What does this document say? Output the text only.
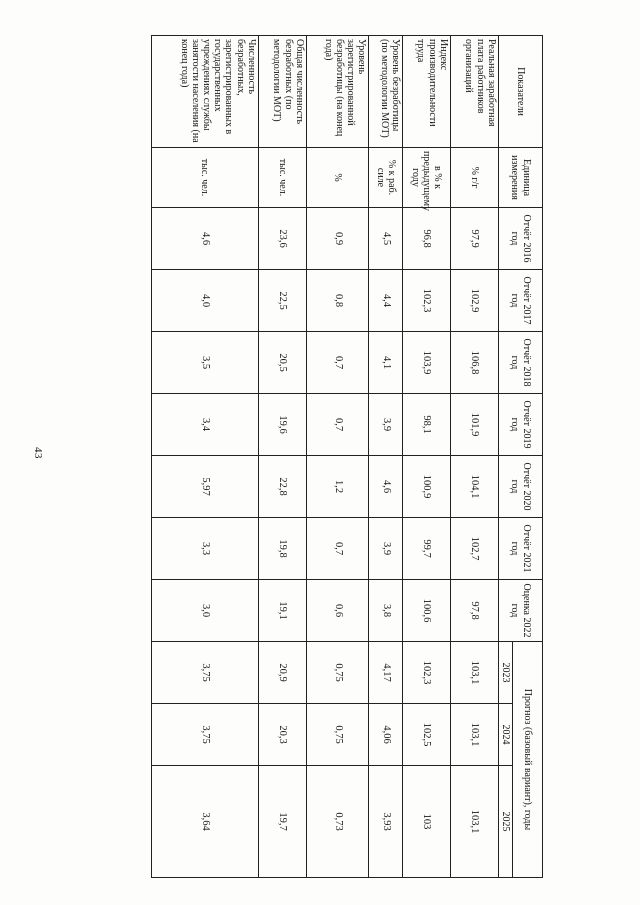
43
Показатели	Единица измерения	Отчёт 2016 год	Отчёт 2017 год	Отчёт 2018 год	Отчёт 2019 год	Отчёт 2020 год	Отчёт 2021 год	Оценка 2022 год	Прогноз (базовый вариант), годы		
									2023	2024	2025
Реальная заработная плата работников организаций	% г/г	97,9	102,9	106,8	101,9	104,1	102,7	97,8	103,1	103,1	103,1
Индекс производительности труда	в % к предыдущему году	96,8	102,3	103,9	98,1	100,9	99,7	100,6	102,3	102,5	103
Уровень безработицы (по методологии МОТ)	% к раб. силе	4,5	4,4	4,1	3,9	4,6	3,9	3,8	4,17	4,06	3,93
Уровень зарегистрированной безработицы (на конец года)	%	0,9	0,8	0,7	0,7	1,2	0,7	0,6	0,75	0,75	0,73
Общая численность безработных (по методологии МОТ)	тыс. чел.	23,6	22,5	20,5	19,6	22,8	19,8	19,1	20,9	20,3	19,7
Численность безработных, зарегистрированных в государственных учреждениях службы занятости населения (на конец года)	тыс. чел.	4,6	4,0	3,5	3,4	5,97	3,3	3,0	3,75	3,75	3,64
